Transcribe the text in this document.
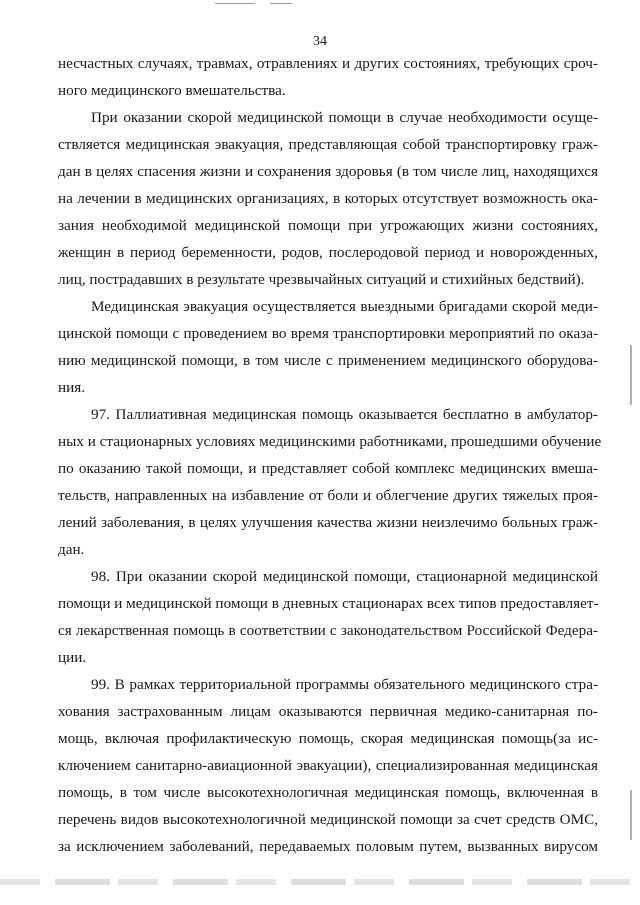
34
несчастных случаях, травмах, отравлениях и других состояниях, требующих сроч-
ного медицинского вмешательства.
При оказании скорой медицинской помощи в случае необходимости осуще-
ствляется медицинская эвакуация, представляющая собой транспортировку граж-
дан в целях спасения жизни и сохранения здоровья (в том числе лиц, находящихся
на лечении в медицинских организациях, в которых отсутствует возможность ока-
зания необходимой медицинской помощи при угрожающих жизни состояниях,
женщин в период беременности, родов, послеродовой период и новорожденных,
лиц, пострадавших в результате чрезвычайных ситуаций и стихийных бедствий).
Медицинская эвакуация осуществляется выездными бригадами скорой меди-
цинской помощи с проведением во время транспортировки мероприятий по оказа-
нию медицинской помощи, в том числе с применением медицинского оборудова-
ния.
97. Паллиативная медицинская помощь оказывается бесплатно в амбулатор-
ных и стационарных условиях медицинскими работниками, прошедшими обучение
по оказанию такой помощи, и представляет собой комплекс медицинских вмеша-
тельств, направленных на избавление от боли и облегчение других тяжелых проя-
лений заболевания, в целях улучшения качества жизни неизлечимо больных граж-
дан.
98. При оказании скорой медицинской помощи, стационарной медицинской
помощи и медицинской помощи в дневных стационарах всех типов предоставляет-
ся лекарственная помощь в соответствии с законодательством Российской Федера-
ции.
99. В рамках территориальной программы обязательного медицинского стра-
хования застрахованным лицам оказываются первичная медико-санитарная по-
мощь, включая профилактическую помощь, скорая медицинская помощь(за ис-
ключением санитарно-авиационной эвакуации), специализированная медицинская
помощь, в том числе высокотехнологичная медицинская помощь, включенная в
перечень видов высокотехнологичной медицинской помощи за счет средств ОМС,
за исключением заболеваний, передаваемых половым путем, вызванных вирусом
